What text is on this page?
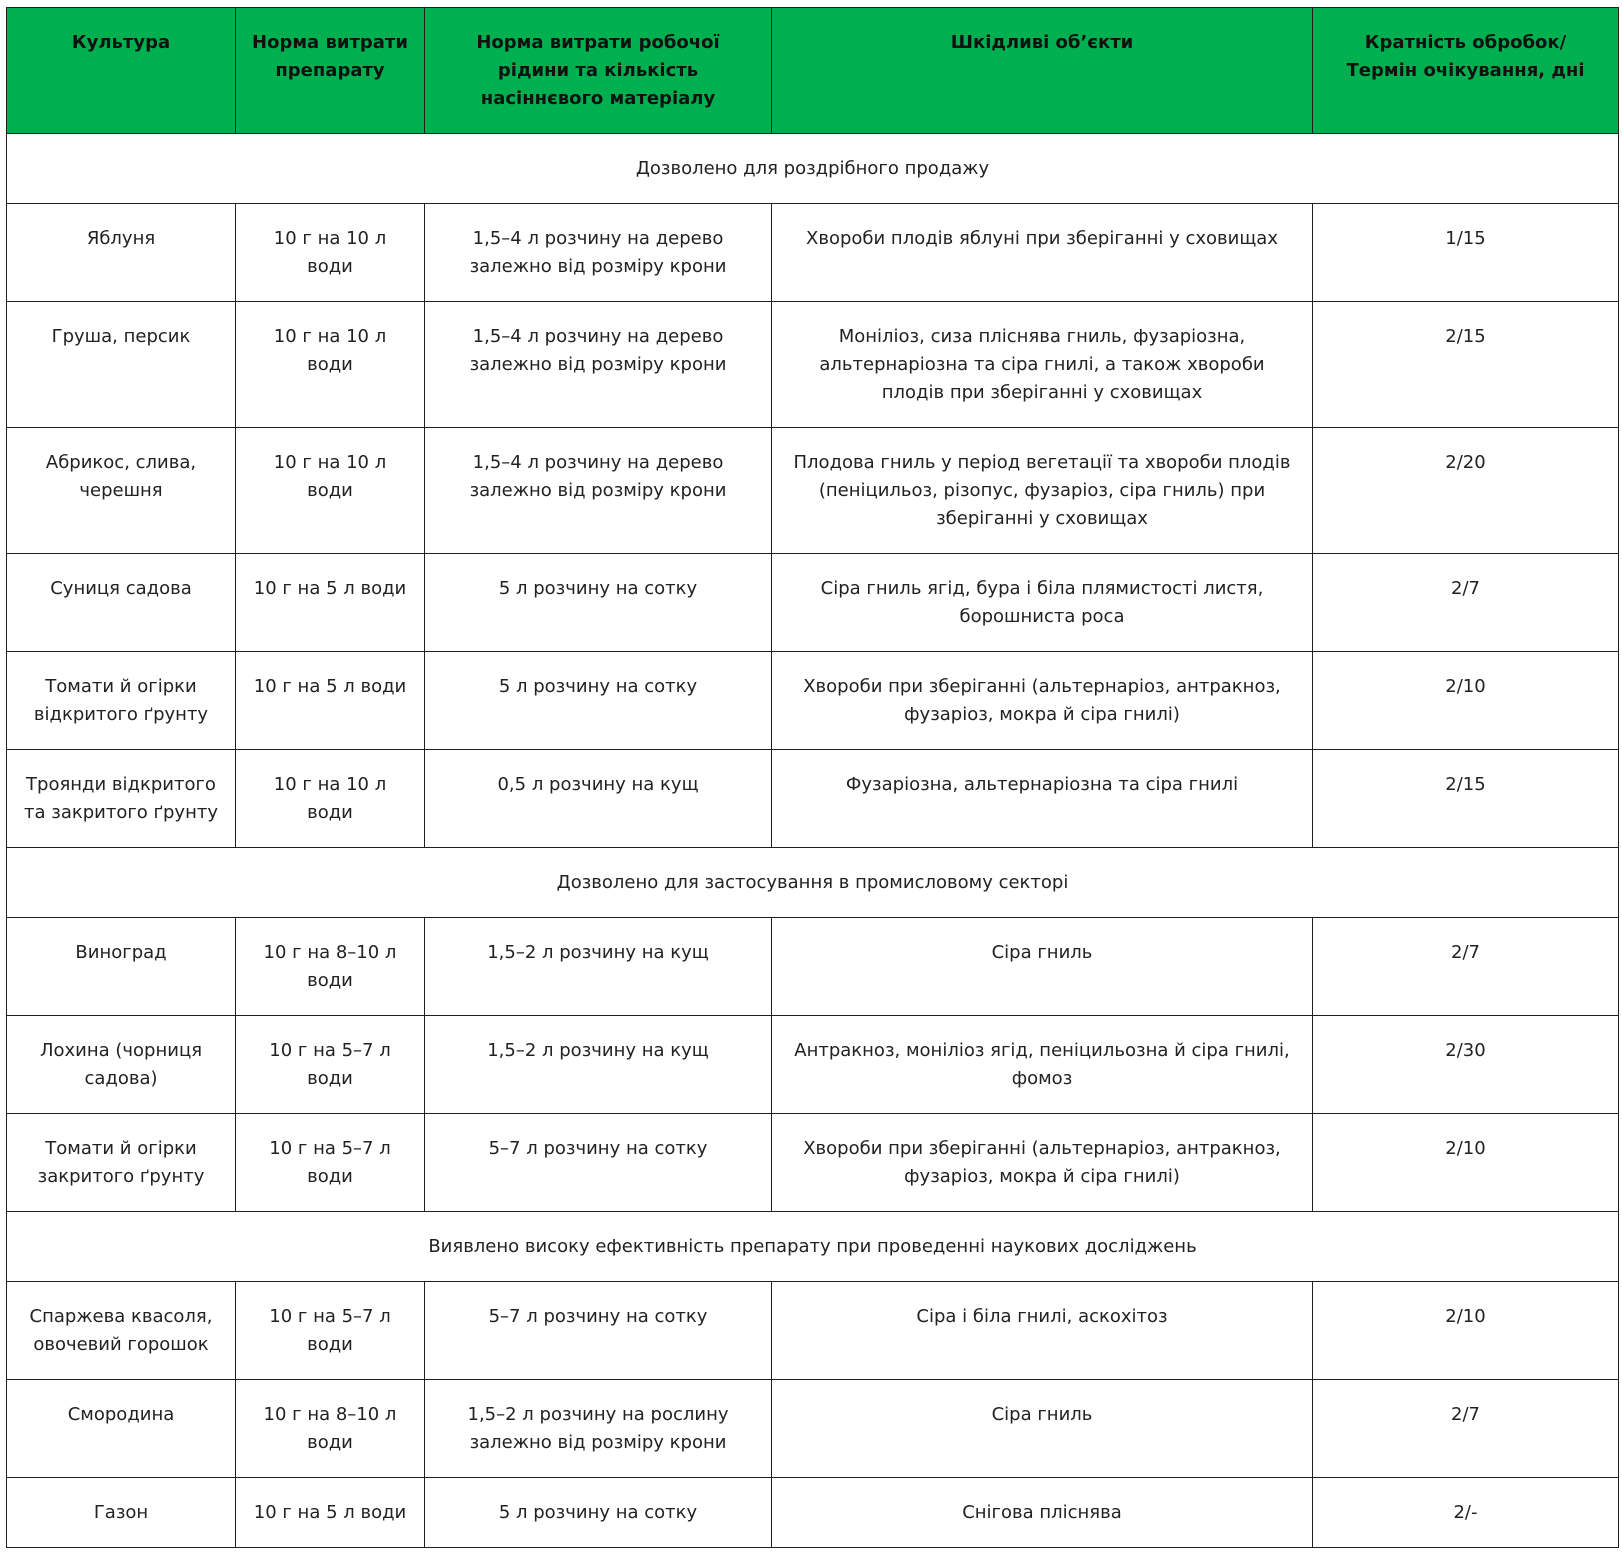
Культура	Норма витрати препарату	Норма витрати робочої рідини та кількість насіннєвого матеріалу	Шкідливі об’єкти	Кратність обробок/ Термін очікування, дні
Дозволено для роздрібного продажу				
Яблуня	10 г на 10 л води	1,5–4 л розчину на дерево залежно від розміру крони	Хвороби плодів яблуні при зберіганні у сховищах	1/15
Груша, персик	10 г на 10 л води	1,5–4 л розчину на дерево залежно від розміру крони	Моніліоз, сиза пліснява гниль, фузаріозна, альтернаріозна та сіра гнилі, а також хвороби плодів при зберіганні у сховищах	2/15
Абрикос, слива, черешня	10 г на 10 л води	1,5–4 л розчину на дерево залежно від розміру крони	Плодова гниль у період вегетації та хвороби плодів (пеніцильоз, різопус, фузаріоз, сіра гниль) при зберіганні у сховищах	2/20
Суниця садова	10 г на 5 л води	5 л розчину на сотку	Сіра гниль ягід, бура і біла плямистості листя, борошниста роса	2/7
Томати й огірки відкритого ґрунту	10 г на 5 л води	5 л розчину на сотку	Хвороби при зберіганні (альтернаріоз, антракноз, фузаріоз, мокра й сіра гнилі)	2/10
Троянди відкритого та закритого ґрунту	10 г на 10 л води	0,5 л розчину на кущ	Фузаріозна, альтернаріозна та сіра гнилі	2/15
Дозволено для застосування в промисловому секторі				
Виноград	10 г на 8–10 л води	1,5–2 л розчину на кущ	Сіра гниль	2/7
Лохина (чорниця садова)	10 г на 5–7 л води	1,5–2 л розчину на кущ	Антракноз, моніліоз ягід, пеніцильозна й сіра гнилі, фомоз	2/30
Томати й огірки закритого ґрунту	10 г на 5–7 л води	5–7 л розчину на сотку	Хвороби при зберіганні (альтернаріоз, антракноз, фузаріоз, мокра й сіра гнилі)	2/10
Виявлено високу ефективність препарату при проведенні наукових досліджень				
Спаржева квасоля, овочевий горошок	10 г на 5–7 л води	5–7 л розчину на сотку	Сіра і біла гнилі, аскохітоз	2/10
Смородина	10 г на 8–10 л води	1,5–2 л розчину на рослину залежно від розміру крони	Сіра гниль	2/7
Газон	10 г на 5 л води	5 л розчину на сотку	Снігова пліснява	2/-
